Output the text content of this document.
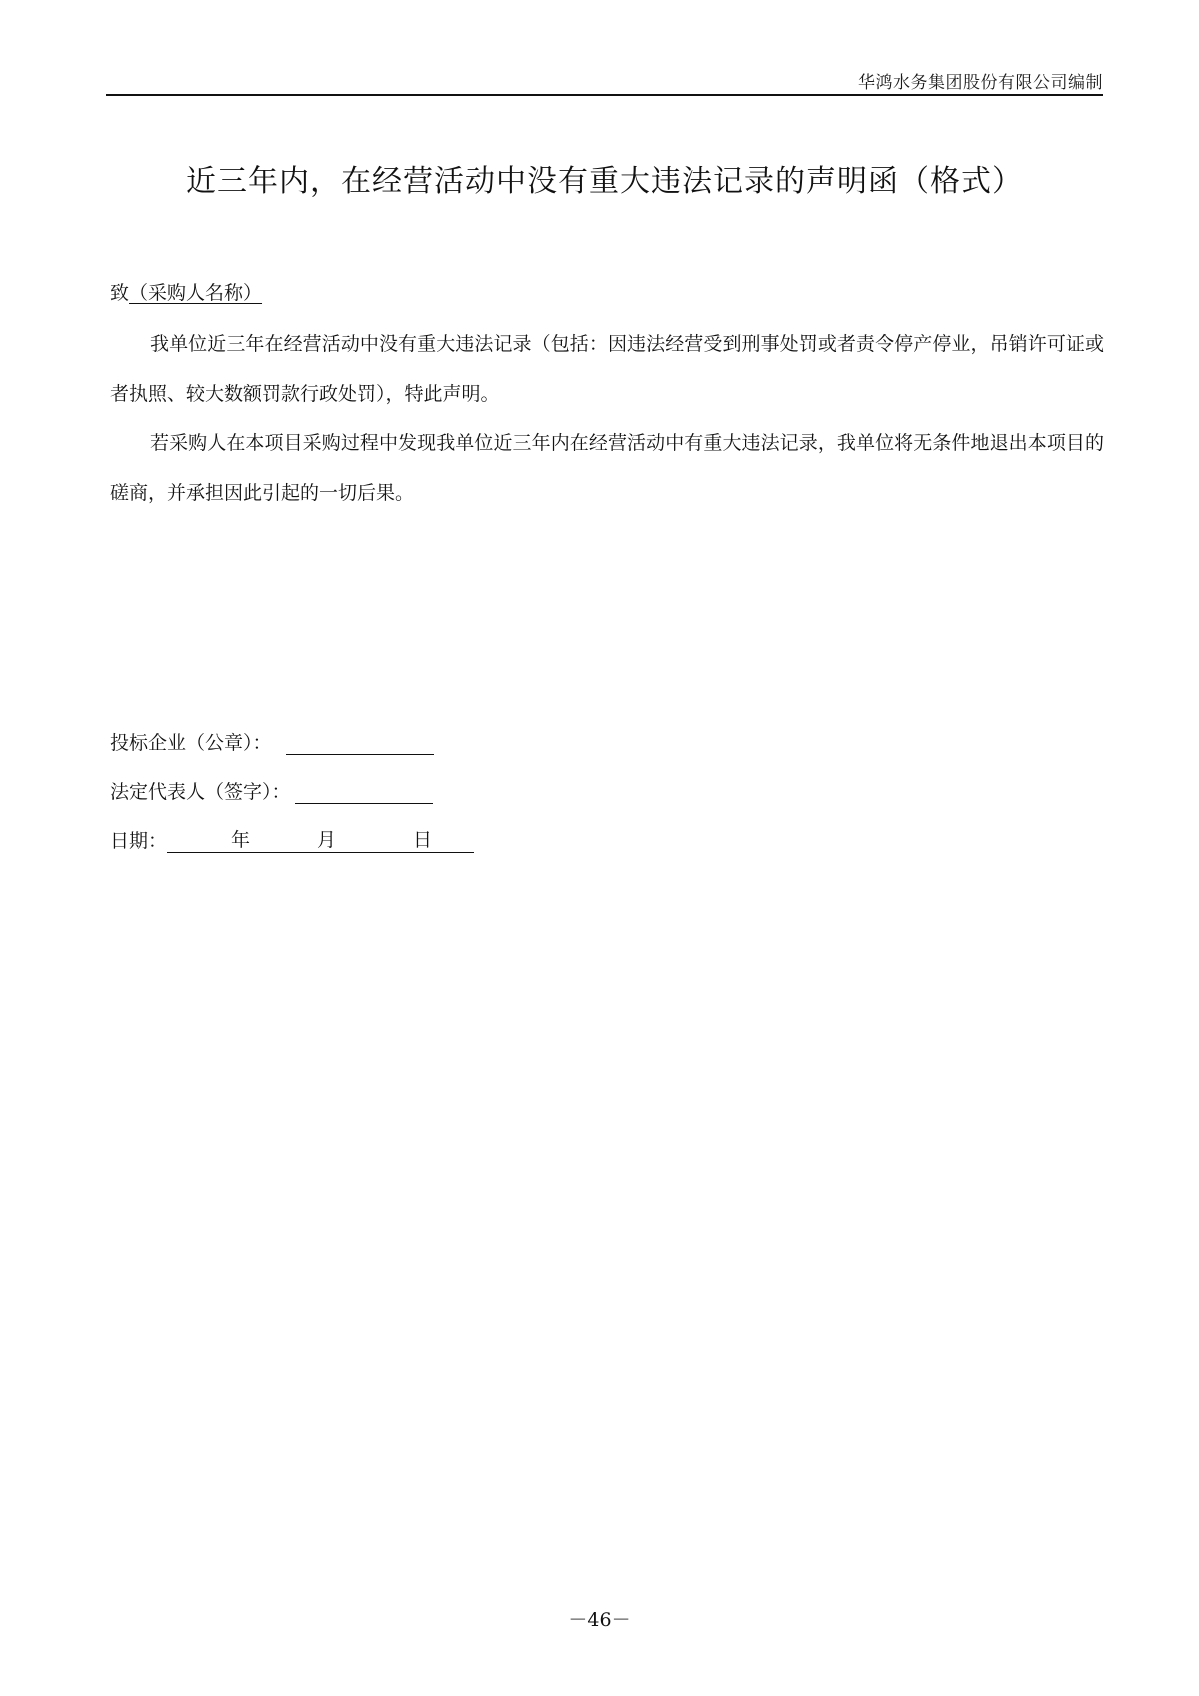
华鸿水务集团股份有限公司编制
近三年内，在经营活动中没有重大违法记录的声明函（格式）
致（采购人名称）

我单位近三年在经营活动中没有重大违法记录（包括：因违法经营受到刑事处罚或者责令停产停业，吊销许可证或者执照、较大数额罚款行政处罚），特此声明。

若采购人在本项目采购过程中发现我单位近三年内在经营活动中有重大违法记录，我单位将无条件地退出本项目的磋商，并承担因此引起的一切后果。

投标企业（公章）：
法定代表人（签字）：
日期：	年	月	日
－46－
